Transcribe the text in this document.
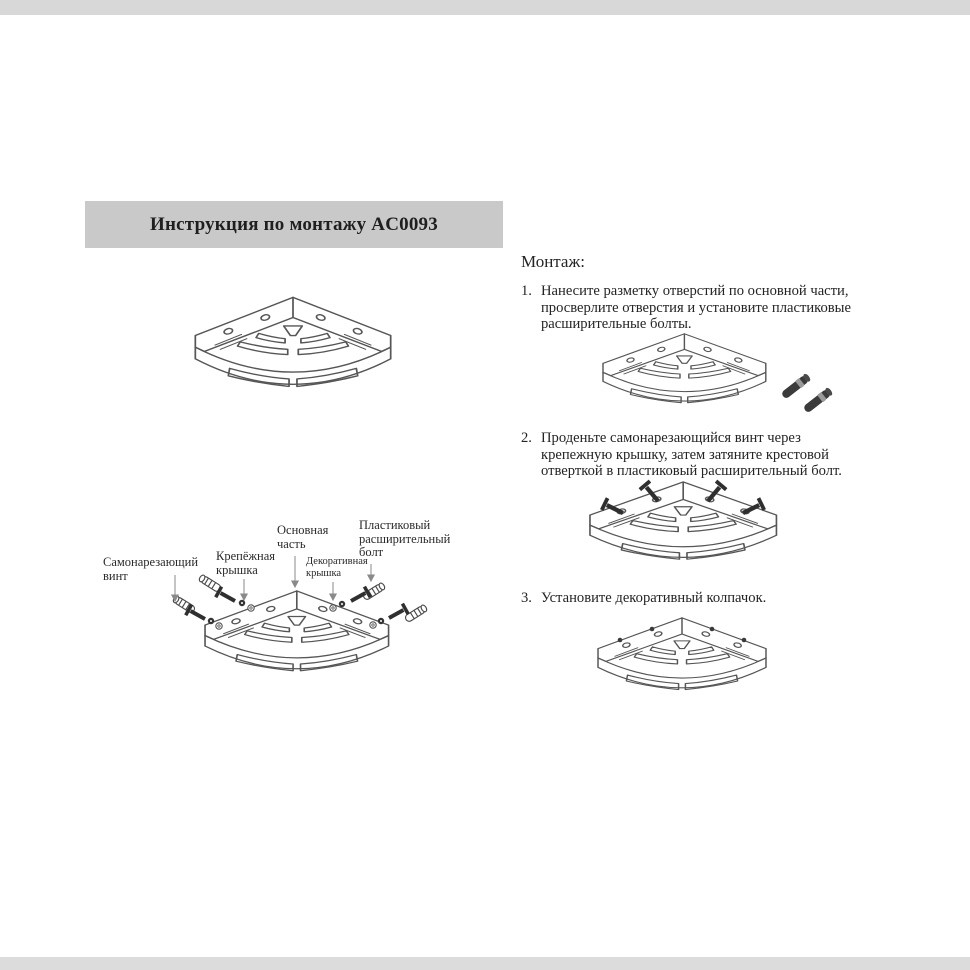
Инструкция по монтажу AC0093
Самонарезающий винт
Крепёжная крышка
Основная часть
Декоративная крышка
Пластиковый расширительный болт
Монтаж:
1. Нанесите разметку отверстий по основной части, просверлите отверстия и установите пластиковые расширительные болты.
2. Проденьте самонарезающийся винт через крепежную крышку, затем затяните крестовой отверткой в пластиковый расширительный болт.
3. Установите декоративный колпачок.
